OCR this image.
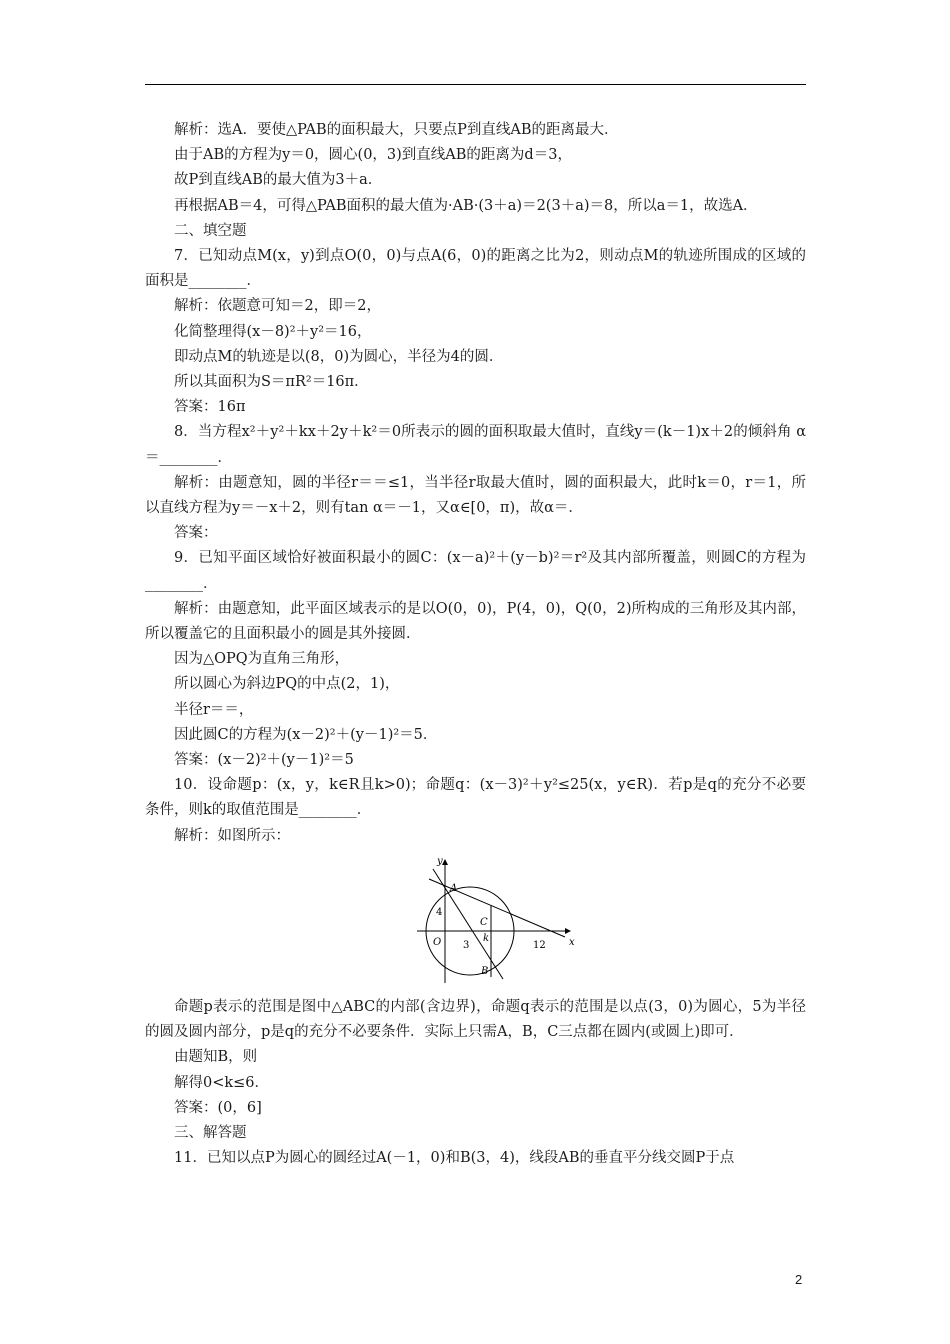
解析：选A．要使△PAB的面积最大，只要点P到直线AB的距离最大．
由于AB的方程为y＝0，圆心(0，3)到直线AB的距离为d＝3，
故P到直线AB的最大值为3＋a．
再根据AB＝4，可得△PAB面积的最大值为·AB·(3＋a)＝2(3＋a)＝8，所以a＝1，故选A．
二、填空题
7．已知动点M(x，y)到点O(0，0)与点A(6，0)的距离之比为2，则动点M的轨迹所围成的区域的面积是________．
解析：依题意可知＝2，即＝2，
化简整理得(x－8)²＋y²＝16，
即动点M的轨迹是以(8，0)为圆心，半径为4的圆．
所以其面积为S＝πR²＝16π．
答案：16π
8．当方程x²＋y²＋kx＋2y＋k²＝0所表示的圆的面积取最大值时，直线y＝(k－1)x＋2的倾斜角 α＝________．
解析：由题意知，圆的半径r＝＝≤1，当半径r取最大值时，圆的面积最大，此时k＝0，r＝1，所以直线方程为y＝－x＋2，则有tan α＝－1，又α∈[0，π)，故α＝．
答案：
9．已知平面区域恰好被面积最小的圆C：(x－a)²＋(y－b)²＝r²及其内部所覆盖，则圆C的方程为________．
解析：由题意知，此平面区域表示的是以O(0，0)，P(4，0)，Q(0，2)所构成的三角形及其内部，所以覆盖它的且面积最小的圆是其外接圆．
因为△OPQ为直角三角形，
所以圆心为斜边PQ的中点(2，1)，
半径r＝＝，
因此圆C的方程为(x－2)²＋(y－1)²＝5．
答案：(x－2)²＋(y－1)²＝5
10．设命题p：(x，y，k∈R且k>0)；命题q：(x－3)²＋y²≤25(x，y∈R)．若p是q的充分不必要条件，则k的取值范围是________．
解析：如图所示：
y
x
A
B
C
O	k
4
3	12
命题p表示的范围是图中△ABC的内部(含边界)，命题q表示的范围是以点(3，0)为圆心，5为半径的圆及圆内部分，p是q的充分不必要条件．实际上只需A，B，C三点都在圆内(或圆上)即可．
由题知B，则
解得0<k≤6．
答案：(0，6]
三、解答题
11．已知以点P为圆心的圆经过A(－1，0)和B(3，4)，线段AB的垂直平分线交圆P于点
2
